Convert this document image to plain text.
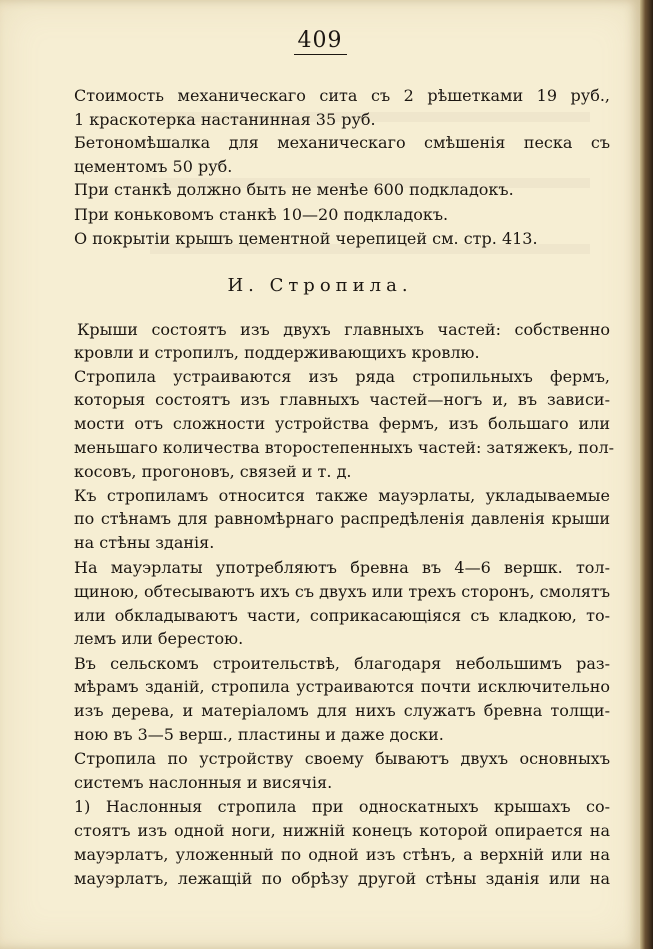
409
Стоимость механическаго сита съ 2 рѣшетками 19 руб.,
1 краскотерка настанинная 35 руб.
Бетономѣшалка для механическаго смѣшенія песка съ
цементомъ 50 руб.
При станкѣ должно быть не менѣе 600 подкладокъ.
При коньковомъ станкѣ 10—20 подкладокъ.
О покрытіи крышъ цементной черепицей см. стр. 413.
И. Стропила.
Крыши состоятъ изъ двухъ главныхъ частей: собственно
кровли и стропилъ, поддерживающихъ кровлю.
Стропила устраиваются изъ ряда стропильныхъ фермъ,
которыя состоятъ изъ главныхъ частей—ногъ и, въ зависи-
мости отъ сложности устройства фермъ, изъ большаго или
меньшаго количества второстепенныхъ частей: затяжекъ, пол-
косовъ, прогоновъ, связей и т. д.
Къ стропиламъ относится также мауэрлаты, укладываемые
по стѣнамъ для равномѣрнаго распредѣленія давленія крыши
на стѣны зданія.
На мауэрлаты употребляютъ бревна въ 4—6 вершк. тол-
щиною, обтесываютъ ихъ съ двухъ или трехъ сторонъ, смолятъ
или обкладываютъ части, соприкасающіяся съ кладкою, то-
лемъ или берестою.
Въ сельскомъ строительствѣ, благодаря небольшимъ раз-
мѣрамъ зданій, стропила устраиваются почти исключительно
изъ дерева, и матеріаломъ для нихъ служатъ бревна толщи-
ною въ 3—5 верш., пластины и даже доски.
Стропила по устройству своему бываютъ двухъ основныхъ
системъ наслонныя и висячія.
1) Наслонныя стропила при односкатныхъ крышахъ со-
стоятъ изъ одной ноги, нижній конецъ которой опирается на
мауэрлатъ, уложенный по одной изъ стѣнъ, а верхній или на
мауэрлатъ, лежащій по обрѣзу другой стѣны зданія или на
